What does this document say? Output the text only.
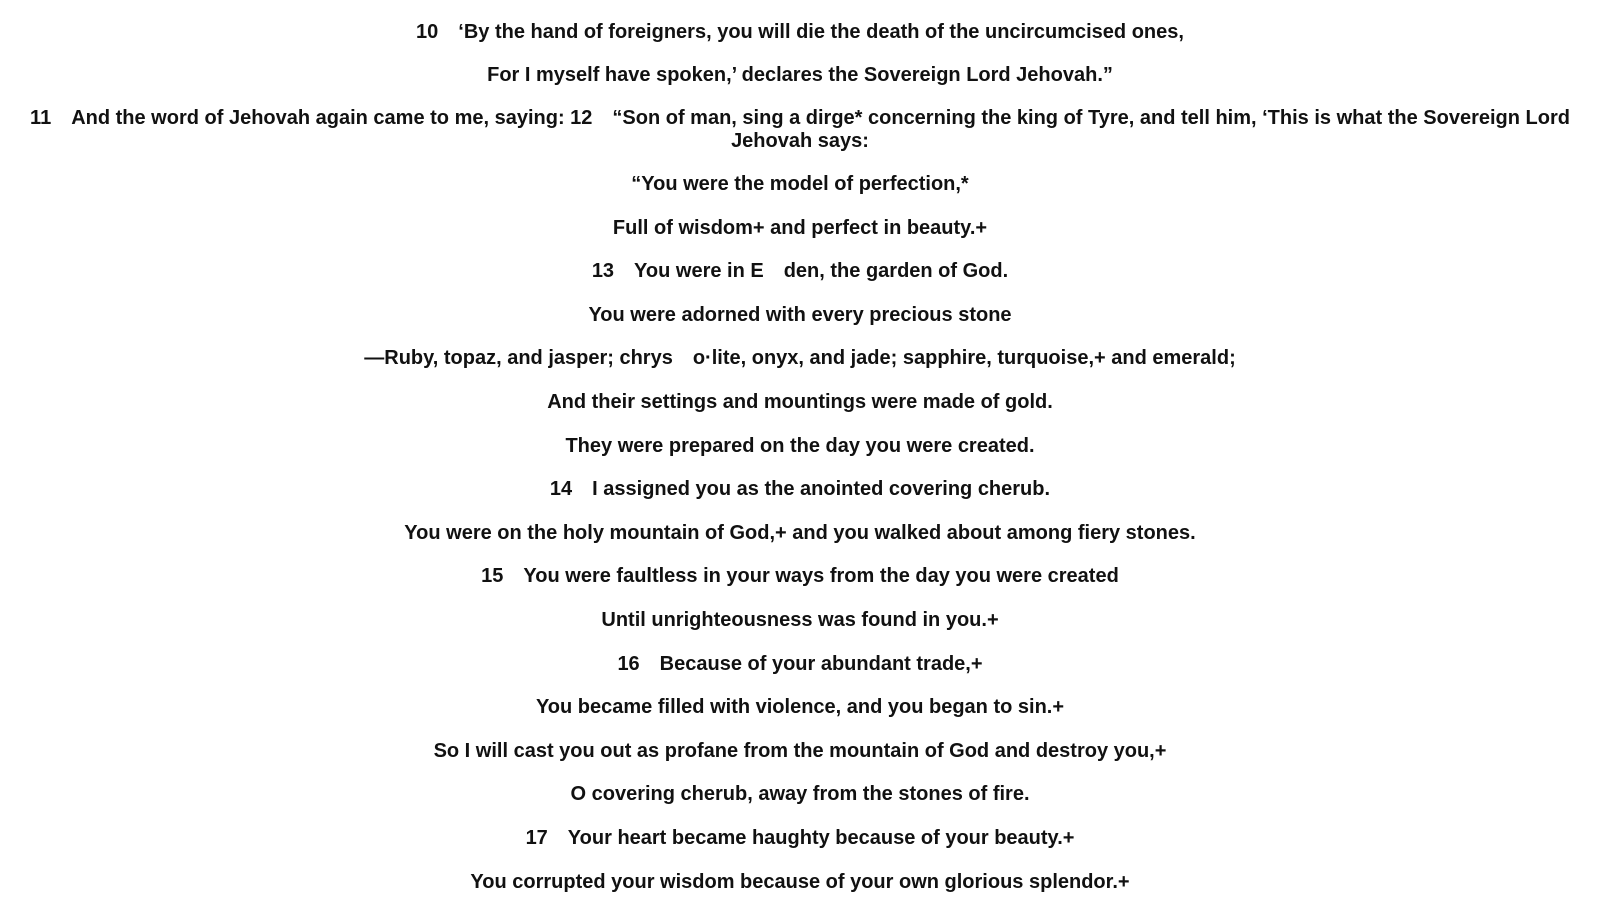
10 ‘By the hand of foreigners, you will die the death of the uncircumcised ones,

For I myself have spoken,’ declares the Sovereign Lord Jehovah.”

11 And the word of Jehovah again came to me, saying: 12 “Son of man, sing a dirge* concerning the king of Tyre, and tell him, ‘This is what the Sovereign Lord Jehovah says:

“You were the model of perfection,*

Full of wisdom+ and perfect in beauty.+

13 You were in E den, the garden of God.

You were adorned with every precious stone

—Ruby, topaz, and jasper; chrys o·lite, onyx, and jade; sapphire, turquoise,+ and emerald;

And their settings and mountings were made of gold.

They were prepared on the day you were created.

14 I assigned you as the anointed covering cherub.

You were on the holy mountain of God,+ and you walked about among fiery stones.

15 You were faultless in your ways from the day you were created

Until unrighteousness was found in you.+

16 Because of your abundant trade,+

You became filled with violence, and you began to sin.+

So I will cast you out as profane from the mountain of God and destroy you,+

O covering cherub, away from the stones of fire.

17 Your heart became haughty because of your beauty.+

You corrupted your wisdom because of your own glorious splendor.+
